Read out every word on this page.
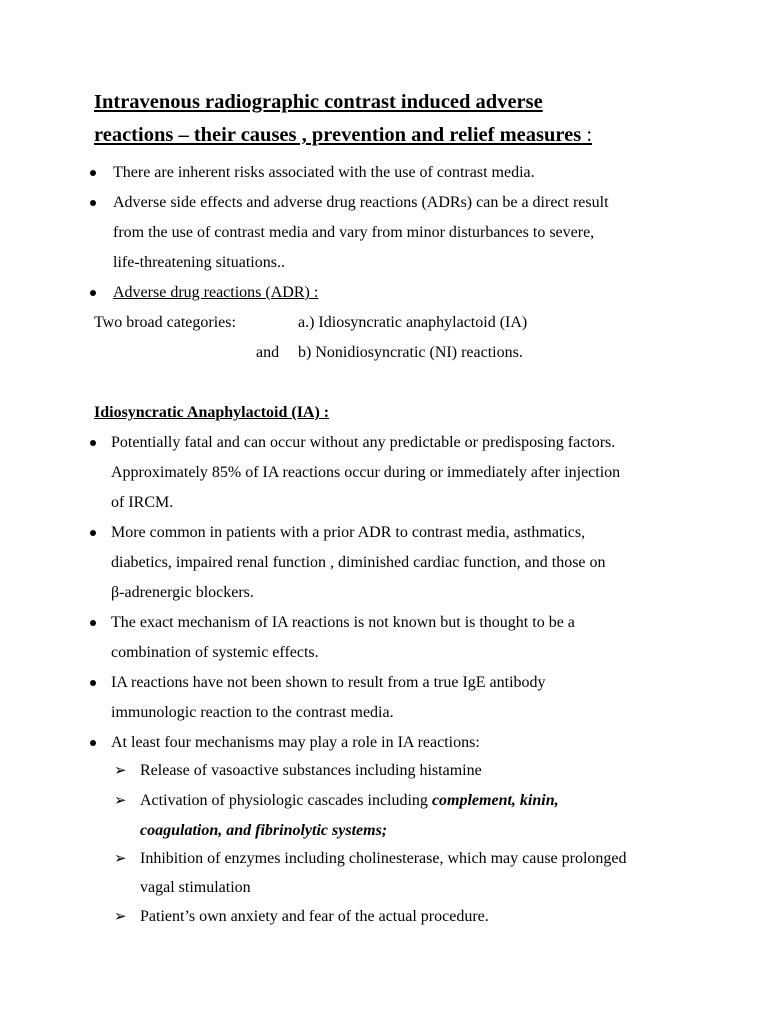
Intravenous radiographic contrast induced adverse
reactions – their causes , prevention and relief measures :
There are inherent risks associated with the use of contrast media.
Adverse side effects and adverse drug reactions (ADRs) can be a direct result
from the use of contrast media and vary from minor disturbances to severe,
life-threatening situations..
Adverse drug reactions (ADR) :
Two broad categories:	a.) Idiosyncratic anaphylactoid (IA)
and b) Nonidiosyncratic (NI) reactions.
Idiosyncratic Anaphylactoid (IA) :
Potentially fatal and can occur without any predictable or predisposing factors.
Approximately 85% of IA reactions occur during or immediately after injection
of IRCM.
More common in patients with a prior ADR to contrast media, asthmatics,
diabetics, impaired renal function , diminished cardiac function, and those on
β-adrenergic blockers.
The exact mechanism of IA reactions is not known but is thought to be a
combination of systemic effects.
IA reactions have not been shown to result from a true IgE antibody
immunologic reaction to the contrast media.
At least four mechanisms may play a role in IA reactions:
➢ Release of vasoactive substances including histamine
➢ Activation of physiologic cascades including complement, kinin,
coagulation, and fibrinolytic systems;
➢ Inhibition of enzymes including cholinesterase, which may cause prolonged
vagal stimulation
➢ Patient’s own anxiety and fear of the actual procedure.
